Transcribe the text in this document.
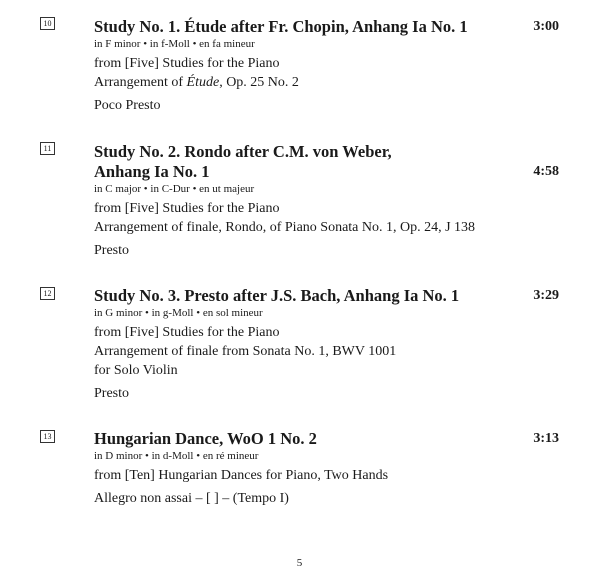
10	Study No. 1. Étude after Fr. Chopin, Anhang Ia No. 1	3:00
in F minor • in f-Moll • en fa mineur
from [Five] Studies for the Piano
Arrangement of Étude, Op. 25 No. 2
Poco Presto
11	Study No. 2. Rondo after C.M. von Weber,
Anhang Ia No. 1	4:58
in C major • in C-Dur • en ut majeur
from [Five] Studies for the Piano
Arrangement of finale, Rondo, of Piano Sonata No. 1, Op. 24, J 138
Presto
12	Study No. 3. Presto after J.S. Bach, Anhang Ia No. 1	3:29
in G minor • in g-Moll • en sol mineur
from [Five] Studies for the Piano
Arrangement of finale from Sonata No. 1, BWV 1001
for Solo Violin
Presto
13	Hungarian Dance, WoO 1 No. 2	3:13
in D minor • in d-Moll • en ré mineur
from [Ten] Hungarian Dances for Piano, Two Hands
Allegro non assai – [ ] – (Tempo I)
5
